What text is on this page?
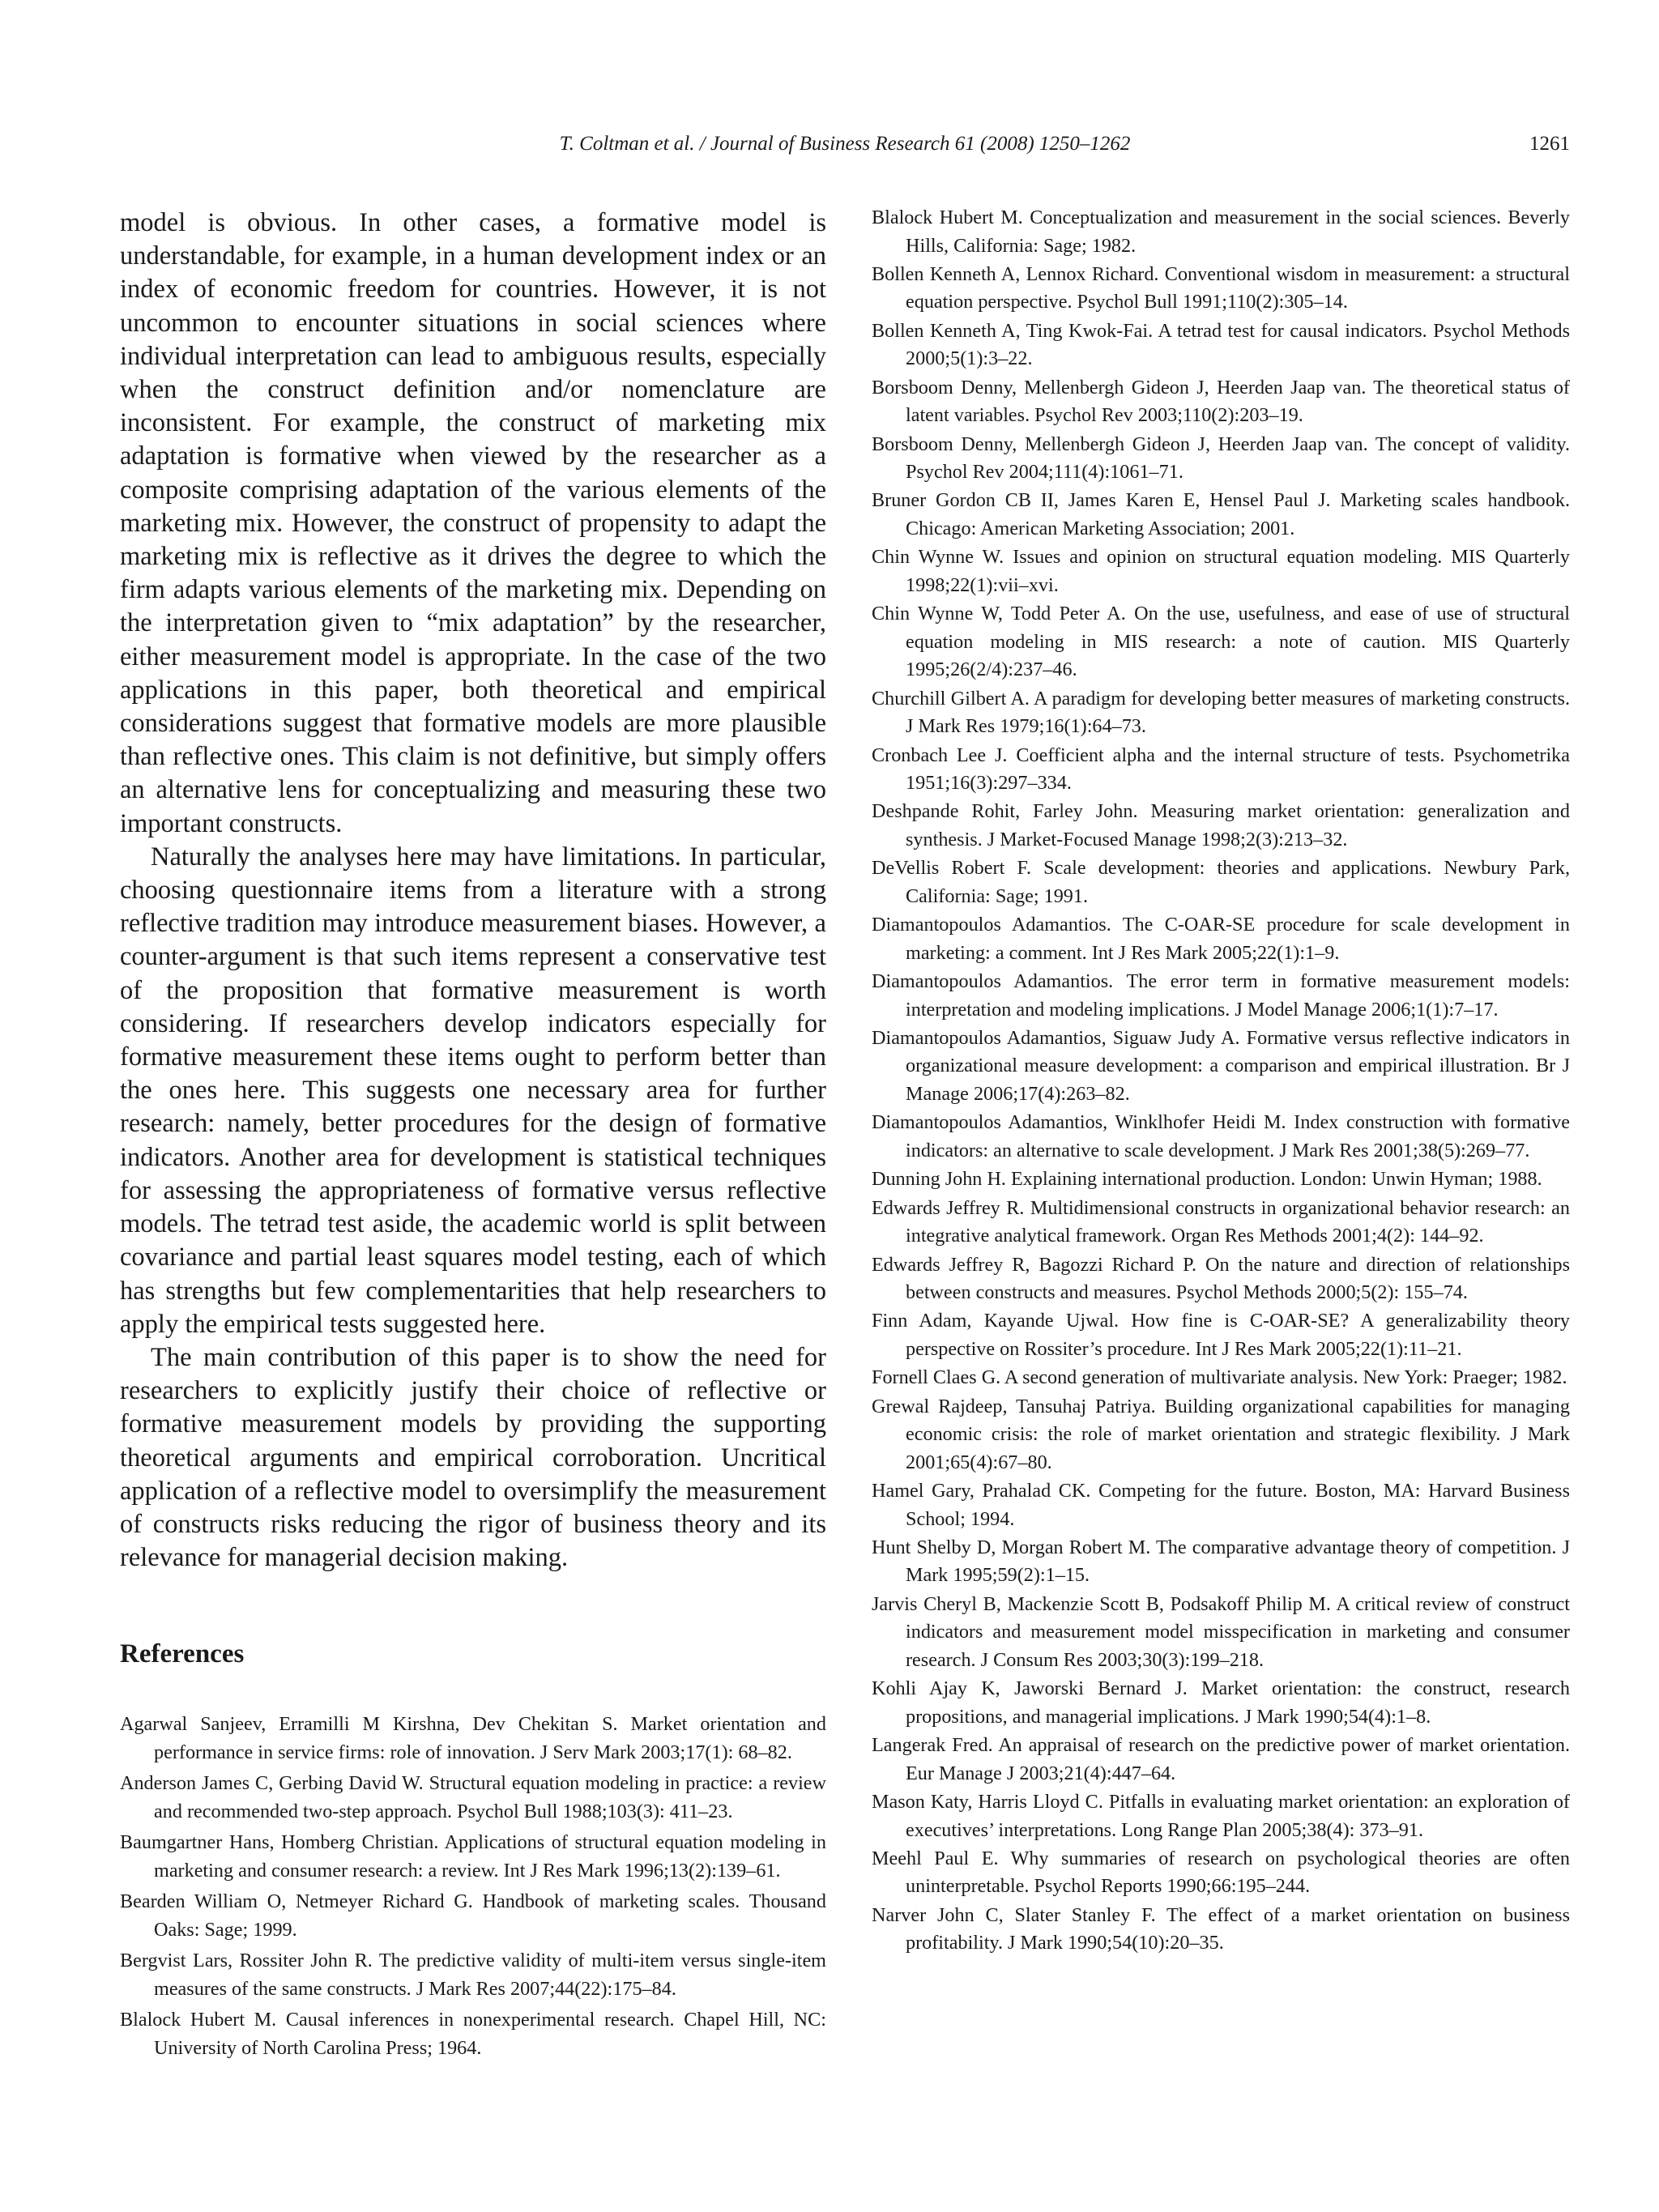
T. Coltman et al. / Journal of Business Research 61 (2008) 1250–1262	1261

model is obvious. In other cases, a formative model is understandable, for example, in a human development index or an index of economic freedom for countries. However, it is not uncommon to encounter situations in social sciences where individual interpretation can lead to ambiguous results, especially when the construct definition and/or nomenclature are inconsistent. For example, the construct of marketing mix adaptation is formative when viewed by the researcher as a composite comprising adaptation of the various elements of the marketing mix. However, the construct of propensity to adapt the marketing mix is reflective as it drives the degree to which the firm adapts various elements of the marketing mix. Depending on the interpretation given to “mix adaptation” by the researcher, either measurement model is appropriate. In the case of the two applications in this paper, both theoretical and empirical considerations suggest that formative models are more plausible than reflective ones. This claim is not definitive, but simply offers an alternative lens for conceptualizing and measuring these two important constructs.

Naturally the analyses here may have limitations. In particular, choosing questionnaire items from a literature with a strong reflective tradition may introduce measurement biases. However, a counter-argument is that such items represent a conservative test of the proposition that formative measurement is worth considering. If researchers develop indicators especially for formative measurement these items ought to perform better than the ones here. This suggests one necessary area for further research: namely, better procedures for the design of formative indicators. Another area for development is statistical techniques for assessing the appropriateness of formative versus reflective models. The tetrad test aside, the academic world is split between covariance and partial least squares model testing, each of which has strengths but few complementarities that help researchers to apply the empirical tests suggested here.

The main contribution of this paper is to show the need for researchers to explicitly justify their choice of reflective or formative measurement models by providing the supporting theoretical arguments and empirical corroboration. Uncritical application of a reflective model to oversimplify the measurement of constructs risks reducing the rigor of business theory and its relevance for managerial decision making.

References
Agarwal Sanjeev, Erramilli M Kirshna, Dev Chekitan S. Market orientation and performance in service firms: role of innovation. J Serv Mark 2003;17(1): 68–82.
Anderson James C, Gerbing David W. Structural equation modeling in practice: a review and recommended two-step approach. Psychol Bull 1988;103(3): 411–23.
Baumgartner Hans, Homberg Christian. Applications of structural equation modeling in marketing and consumer research: a review. Int J Res Mark 1996;13(2):139–61.
Bearden William O, Netmeyer Richard G. Handbook of marketing scales. Thousand Oaks: Sage; 1999.
Bergvist Lars, Rossiter John R. The predictive validity of multi-item versus single-item measures of the same constructs. J Mark Res 2007;44(22):175–84.
Blalock Hubert M. Causal inferences in nonexperimental research. Chapel Hill, NC: University of North Carolina Press; 1964.
Blalock Hubert M. Conceptualization and measurement in the social sciences. Beverly Hills, California: Sage; 1982.
Bollen Kenneth A, Lennox Richard. Conventional wisdom in measurement: a structural equation perspective. Psychol Bull 1991;110(2):305–14.
Bollen Kenneth A, Ting Kwok-Fai. A tetrad test for causal indicators. Psychol Methods 2000;5(1):3–22.
Borsboom Denny, Mellenbergh Gideon J, Heerden Jaap van. The theoretical status of latent variables. Psychol Rev 2003;110(2):203–19.
Borsboom Denny, Mellenbergh Gideon J, Heerden Jaap van. The concept of validity. Psychol Rev 2004;111(4):1061–71.
Bruner Gordon CB II, James Karen E, Hensel Paul J. Marketing scales handbook. Chicago: American Marketing Association; 2001.
Chin Wynne W. Issues and opinion on structural equation modeling. MIS Quarterly 1998;22(1):vii–xvi.
Chin Wynne W, Todd Peter A. On the use, usefulness, and ease of use of structural equation modeling in MIS research: a note of caution. MIS Quarterly 1995;26(2/4):237–46.
Churchill Gilbert A. A paradigm for developing better measures of marketing constructs. J Mark Res 1979;16(1):64–73.
Cronbach Lee J. Coefficient alpha and the internal structure of tests. Psychometrika 1951;16(3):297–334.
Deshpande Rohit, Farley John. Measuring market orientation: generalization and synthesis. J Market-Focused Manage 1998;2(3):213–32.
DeVellis Robert F. Scale development: theories and applications. Newbury Park, California: Sage; 1991.
Diamantopoulos Adamantios. The C-OAR-SE procedure for scale development in marketing: a comment. Int J Res Mark 2005;22(1):1–9.
Diamantopoulos Adamantios. The error term in formative measurement models: interpretation and modeling implications. J Model Manage 2006;1(1):7–17.
Diamantopoulos Adamantios, Siguaw Judy A. Formative versus reflective indicators in organizational measure development: a comparison and empirical illustration. Br J Manage 2006;17(4):263–82.
Diamantopoulos Adamantios, Winklhofer Heidi M. Index construction with formative indicators: an alternative to scale development. J Mark Res 2001;38(5):269–77.
Dunning John H. Explaining international production. London: Unwin Hyman; 1988.
Edwards Jeffrey R. Multidimensional constructs in organizational behavior research: an integrative analytical framework. Organ Res Methods 2001;4(2): 144–92.
Edwards Jeffrey R, Bagozzi Richard P. On the nature and direction of relationships between constructs and measures. Psychol Methods 2000;5(2): 155–74.
Finn Adam, Kayande Ujwal. How fine is C-OAR-SE? A generalizability theory perspective on Rossiter’s procedure. Int J Res Mark 2005;22(1):11–21.
Fornell Claes G. A second generation of multivariate analysis. New York: Praeger; 1982.
Grewal Rajdeep, Tansuhaj Patriya. Building organizational capabilities for managing economic crisis: the role of market orientation and strategic flexibility. J Mark 2001;65(4):67–80.
Hamel Gary, Prahalad CK. Competing for the future. Boston, MA: Harvard Business School; 1994.
Hunt Shelby D, Morgan Robert M. The comparative advantage theory of competition. J Mark 1995;59(2):1–15.
Jarvis Cheryl B, Mackenzie Scott B, Podsakoff Philip M. A critical review of construct indicators and measurement model misspecification in marketing and consumer research. J Consum Res 2003;30(3):199–218.
Kohli Ajay K, Jaworski Bernard J. Market orientation: the construct, research propositions, and managerial implications. J Mark 1990;54(4):1–8.
Langerak Fred. An appraisal of research on the predictive power of market orientation. Eur Manage J 2003;21(4):447–64.
Mason Katy, Harris Lloyd C. Pitfalls in evaluating market orientation: an exploration of executives’ interpretations. Long Range Plan 2005;38(4): 373–91.
Meehl Paul E. Why summaries of research on psychological theories are often uninterpretable. Psychol Reports 1990;66:195–244.
Narver John C, Slater Stanley F. The effect of a market orientation on business profitability. J Mark 1990;54(10):20–35.
